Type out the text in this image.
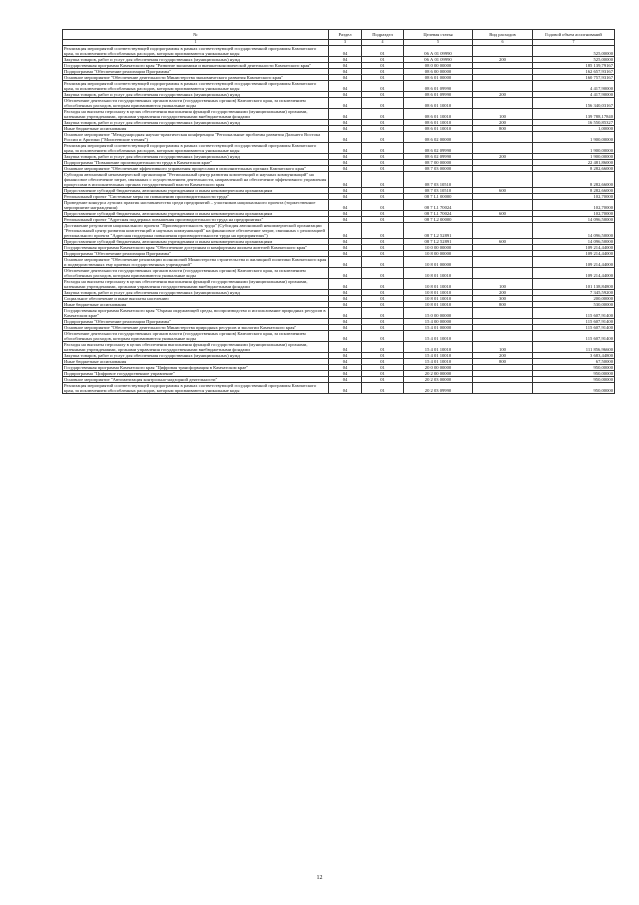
№	Раздел	Подраздел	Целевая статья	Вид расходов	Годовой объем ассигнований
1	3	4	5	6	7
Реализация мероприятий соответствующей подпрограммы в рамках соответствующей государственной программы Камчатского края, за исключением обособленных расходов, которым присваиваются уникальные коды	04	01	06 А 01 09990		525,00000
Закупка товаров, работ и услуг для обеспечения государственных (муниципальных) нужд	04	01	06 А 01 09990	200	525,00000
Государственная программа Камчатского края "Развитие экономики и внешнеэкономической деятельности Камчатского края"	04	01	08 0 00 00000		185 139,79167
Подпрограмма "Обеспечение реализации Программы"	04	01	08 6 00 00000		162 657,93167
Основное мероприятие "Обеспечение деятельности Министерства экономического развития Камчатского края"	04	01	08 6 01 00000		160 757,93167
Реализация мероприятий соответствующей подпрограммы в рамках соответствующей государственной программы Камчатского края, за исключением обособленных расходов, которым присваиваются уникальные коды	04	01	08 6 01 09990		4 417,90000
Закупка товаров, работ и услуг для обеспечения государственных (муниципальных) нужд	04	01	08 6 01 09990	200	4 417,90000
Обеспечение деятельности государственных органов власти (государственных органов) Камчатского края, за исключением обособленных расходов, которым присваиваются уникальные коды	04	01	08 6 01 10010		156 340,03167
Расходы на выплаты персоналу в целях обеспечения выполнения функций государственными (муниципальными) органами, казенными учреждениями, органами управления государственными внебюджетными фондами	04	01	08 6 01 10010	100	139 788,17840
Закупка товаров, работ и услуг для обеспечения государственных (муниципальных) нужд	04	01	08 6 01 10010	200	16 550,85327
Иные бюджетные ассигнования	04	01	08 6 01 10010	800	1,00000
Основное мероприятие "Международная научно-практическая конференция "Региональные проблемы развития Дальнего Востока России и Арктики ("Моисеевские чтения")	04	01	08 6 02 00000		1 900,00000
Реализация мероприятий соответствующей подпрограммы в рамках соответствующей государственной программы Камчатского края, за исключением обособленных расходов, которым присваиваются уникальные коды	04	01	08 6 02 09990		1 900,00000
Закупка товаров, работ и услуг для обеспечения государственных (муниципальных) нужд	04	01	08 6 02 09990	200	1 900,00000
Подпрограмма "Повышение производительности труда в Камчатском крае"	04	01	08 7 00 00000		22 481,86000
Основное мероприятие "Обеспечение эффективного управления процессами в исполнительных органах Камчатского края"	04	01	08 7 03 00000		8 282,66000
Субсидия автономной некоммерческой организации "Региональный центр развития компетенций и научных коммуникаций" на финансовое обеспечение затрат, связанных с осуществлением деятельности, направленной на обеспечение эффективного управления процессами в исполнительных органах государственной власти Камчатского края	04	01	08 7 03 10510		8 282,66000
Предоставление субсидий бюджетным, автономным учреждениям и иным некоммерческим организациям	04	01	08 7 03 10510	600	8 282,66000
Региональный проект "Системные меры по повышению производительности труда"	04	01	08 7 L1 00000		102,70000
Проведение конкурса лучших практик наставничества среди предприятий – участников национального проекта (торжественное мероприятие награждения)	04	01	08 7 L1 70024		102,70000
Предоставление субсидий бюджетным, автономным учреждениям и иным некоммерческим организациям	04	01	08 7 L1 70024	600	102,70000
Региональный проект "Адресная поддержка повышения производительности труда на предприятиях"	04	01	08 7 L2 00000		14 096,50000
Достижение результатов национального проекта "Производительность труда" (Субсидия автономной некоммерческой организации "Региональный центр развития компетенций и научных коммуникаций" на финансовое обеспечение затрат, связанных с реализацией регионального проекта "Адресная поддержка повышения производительности труда на предприятиях")	04	01	08 7 L2 52891		14 096,50000
Предоставление субсидий бюджетным, автономным учреждениям и иным некоммерческим организациям	04	01	08 7 L2 52891	600	14 096,50000
Государственная программа Камчатского края "Обеспечение доступным и комфортным жильем жителей Камчатского края"	04	01	10 0 00 00000		109 214,44000
Подпрограмма "Обеспечение реализации Программы"	04	01	10 8 00 00000		109 214,44000
Основное мероприятие "Обеспечение реализации полномочий Министерства строительства и жилищной политики Камчатского края и подведомственных ему краевых государственных учреждений"	04	01	10 8 01 00000		109 214,44000
Обеспечение деятельности государственных органов власти (государственных органов) Камчатского края, за исключением обособленных расходов, которым присваиваются уникальные коды	04	01	10 8 01 10010		109 214,44000
Расходы на выплаты персоналу в целях обеспечения выполнения функций государственными (муниципальными) органами, казенными учреждениями, органами управления государственными внебюджетными фондами	04	01	10 8 01 10010	100	101 138,84800
Закупка товаров, работ и услуг для обеспечения государственных (муниципальных) нужд	04	01	10 8 01 10010	200	7 345,59200
Социальное обеспечение и иные выплаты населению	04	01	10 8 01 10010	300	200,00000
Иные бюджетные ассигнования	04	01	10 8 01 10010	800	530,00000
Государственная программа Камчатского края "Охрана окружающей среды, воспроизводство и использование природных ресурсов в Камчатском крае"	04	01	15 0 00 00000		115 607,91400
Подпрограмма "Обеспечение реализации Программы"	04	01	15 4 00 00000		115 607,91400
Основное мероприятие "Обеспечение деятельности Министерства природных ресурсов и экологии Камчатского края"	04	01	15 4 01 00000		115 607,91400
Обеспечение деятельности государственных органов власти (государственных органов) Камчатского края, за исключением обособленных расходов, которым присваиваются уникальные коды	04	01	15 4 01 10010		115 607,91400
Расходы на выплаты персоналу в целях обеспечения выполнения функций государственными (муниципальными) органами, казенными учреждениями, органами управления государственными внебюджетными фондами	04	01	15 4 01 10010	100	111 856,96600
Закупка товаров, работ и услуг для обеспечения государственных (муниципальных) нужд	04	01	15 4 01 10010	200	3 683,44800
Иные бюджетные ассигнования	04	01	15 4 01 10010	800	67,50000
Государственная программа Камчатского края "Цифровая трансформация в Камчатском крае"	04	01	20 0 00 00000		950,00000
Подпрограмма "Цифровое государственное управление"	04	01	20 2 00 00000		950,00000
Основное мероприятие "Автоматизация контрольно-надзорной деятельности"	04	01	20 2 03 00000		950,00000
Реализация мероприятий соответствующей подпрограммы в рамках соответствующей государственной программы Камчатского края, за исключением обособленных расходов, которым присваиваются уникальные коды	04	01	20 2 03 09990		950,00000
12
